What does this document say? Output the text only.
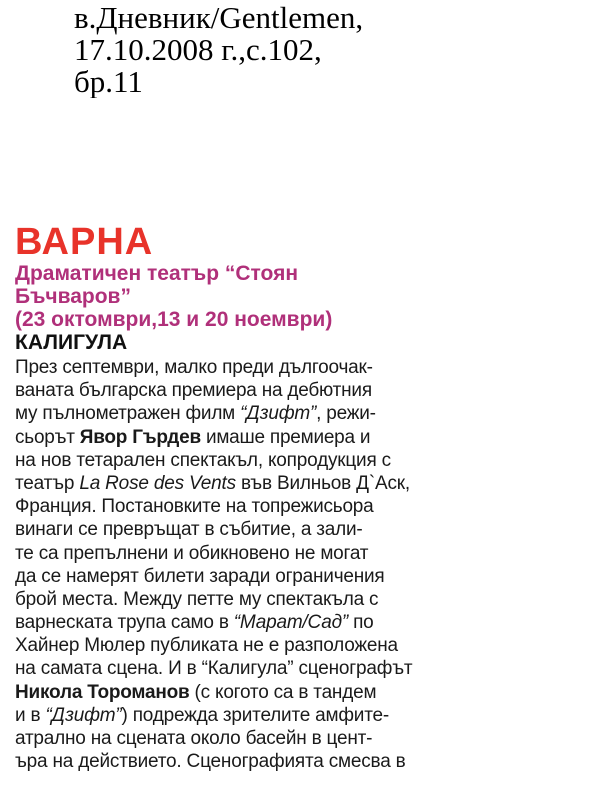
в.Дневник/Gentlemen,
17.10.2008 г.,с.102,
бр.11
ВАРНА
Драматичен театър “Стоян
Бъчваров”
(23 октомври,13 и 20 ноември)
КАЛИГУЛА
През септември, малко преди дългоочак-
ваната българска премиера на дебютния
му пълнометражен филм “Дзифт”, режи-
сьорът Явор Гърдев имаше премиера и
на нов тетарален спектакъл, копродукция с
театър La Rose des Vents във Вилньов Д`Аск,
Франция. Постановките на топрежисьора
винаги се превръщат в събитие, а зали-
те са препълнени и обикновено не могат
да се намерят билети заради ограничения
брой места. Между петте му спектакъла с
варнеската трупа само в “Марат/Сад” по
Хайнер Мюлер публиката не е разположена
на самата сцена. И в “Калигула” сценографът
Никола Тороманов (с когото са в тандем
и в “Дзифт”) подрежда зрителите амфите-
атрално на сцената около басейн в цент-
ъра на действието. Сценографията смесва в
